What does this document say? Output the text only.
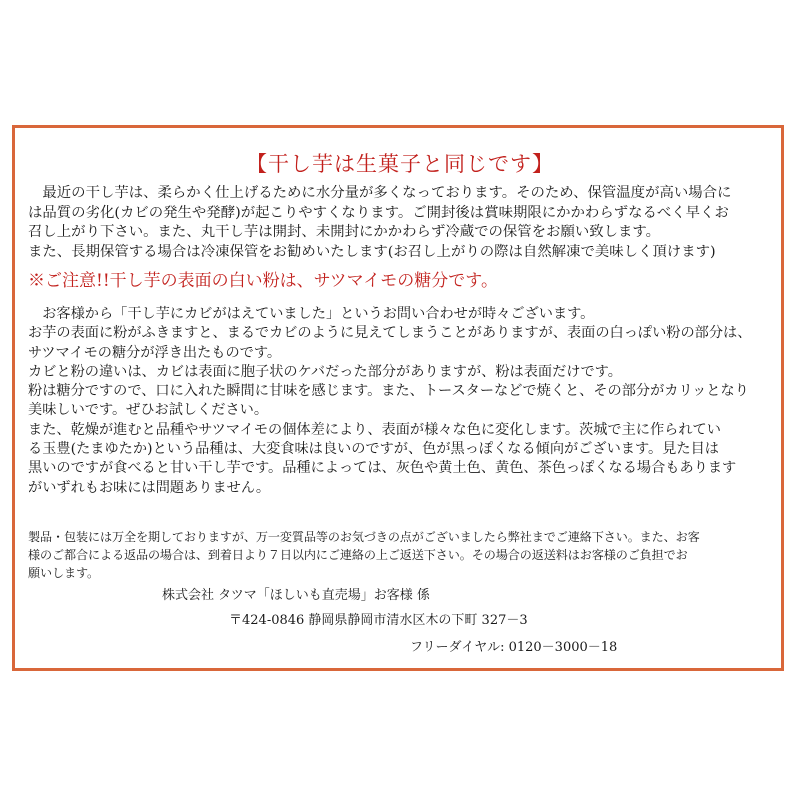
【干し芋は生菓子と同じです】
　最近の干し芋は、柔らかく仕上げるために水分量が多くなっております。そのため、保管温度が高い場合に
は品質の劣化(カビの発生や発酵)が起こりやすくなります。ご開封後は賞味期限にかかわらずなるべく早くお
召し上がり下さい。また、丸干し芋は開封、未開封にかかわらず冷蔵での保管をお願い致します。
また、長期保管する場合は冷凍保管をお勧めいたします(お召し上がりの際は自然解凍で美味しく頂けます)
※ご注意!!干し芋の表面の白い粉は、サツマイモの糖分です。
　お客様から「干し芋にカビがはえていました」というお問い合わせが時々ございます。
お芋の表面に粉がふきますと、まるでカビのように見えてしまうことがありますが、表面の白っぽい粉の部分は、
サツマイモの糖分が浮き出たものです。
カビと粉の違いは、カビは表面に胞子状のケバだった部分がありますが、粉は表面だけです。
粉は糖分ですので、口に入れた瞬間に甘味を感じます。また、トースターなどで焼くと、その部分がカリッとなり
美味しいです。ぜひお試しください。
また、乾燥が進むと品種やサツマイモの個体差により、表面が様々な色に変化します。茨城で主に作られてい
る玉豊(たまゆたか)という品種は、大変食味は良いのですが、色が黒っぽくなる傾向がございます。見た目は
黒いのですが食べると甘い干し芋です。品種によっては、灰色や黄土色、黄色、茶色っぽくなる場合もあります
がいずれもお味には問題ありません。
製品・包装には万全を期しておりますが、万一変質品等のお気づきの点がございましたら弊社までご連絡下さい。また、お客
様のご都合による返品の場合は、到着日より７日以内にご連絡の上ご返送下さい。その場合の返送料はお客様のご負担でお
願いします。
株式会社 タツマ「ほしいも直売場」お客様 係
〒424-0846 静岡県静岡市清水区木の下町 327－3
フリーダイヤル: 0120－3000－18
